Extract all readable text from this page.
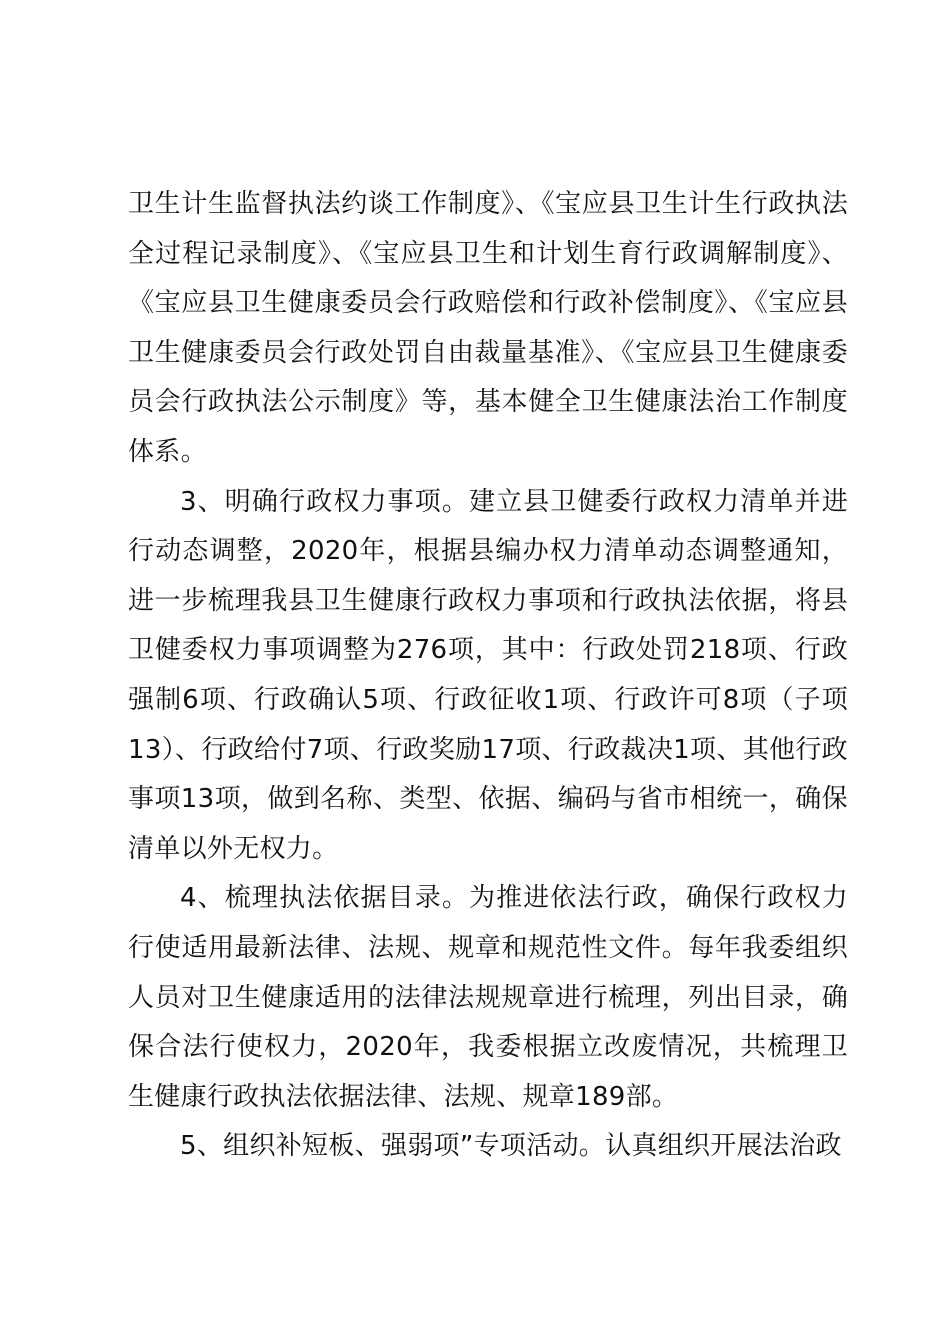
卫生计生监督执法约谈工作制度》、《宝应县卫生计生行政执法全过程记录制度》、《宝应县卫生和计划生育行政调解制度》、《宝应县卫生健康委员会行政赔偿和行政补偿制度》、《宝应县卫生健康委员会行政处罚自由裁量基准》、《宝应县卫生健康委员会行政执法公示制度》等，基本健全卫生健康法治工作制度体系。

3、明确行政权力事项。建立县卫健委行政权力清单并进行动态调整，2020年，根据县编办权力清单动态调整通知，进一步梳理我县卫生健康行政权力事项和行政执法依据，将县卫健委权力事项调整为276项，其中：行政处罚218项、行政强制6项、行政确认5项、行政征收1项、行政许可8项（子项13）、行政给付7项、行政奖励17项、行政裁决1项、其他行政事项13项，做到名称、类型、依据、编码与省市相统一，确保清单以外无权力。

4、梳理执法依据目录。为推进依法行政，确保行政权力行使适用最新法律、法规、规章和规范性文件。每年我委组织人员对卫生健康适用的法律法规规章进行梳理，列出目录，确保合法行使权力，2020年，我委根据立改废情况，共梳理卫生健康行政执法依据法律、法规、规章189部。

5、组织补短板、强弱项”专项活动。认真组织开展法治政
